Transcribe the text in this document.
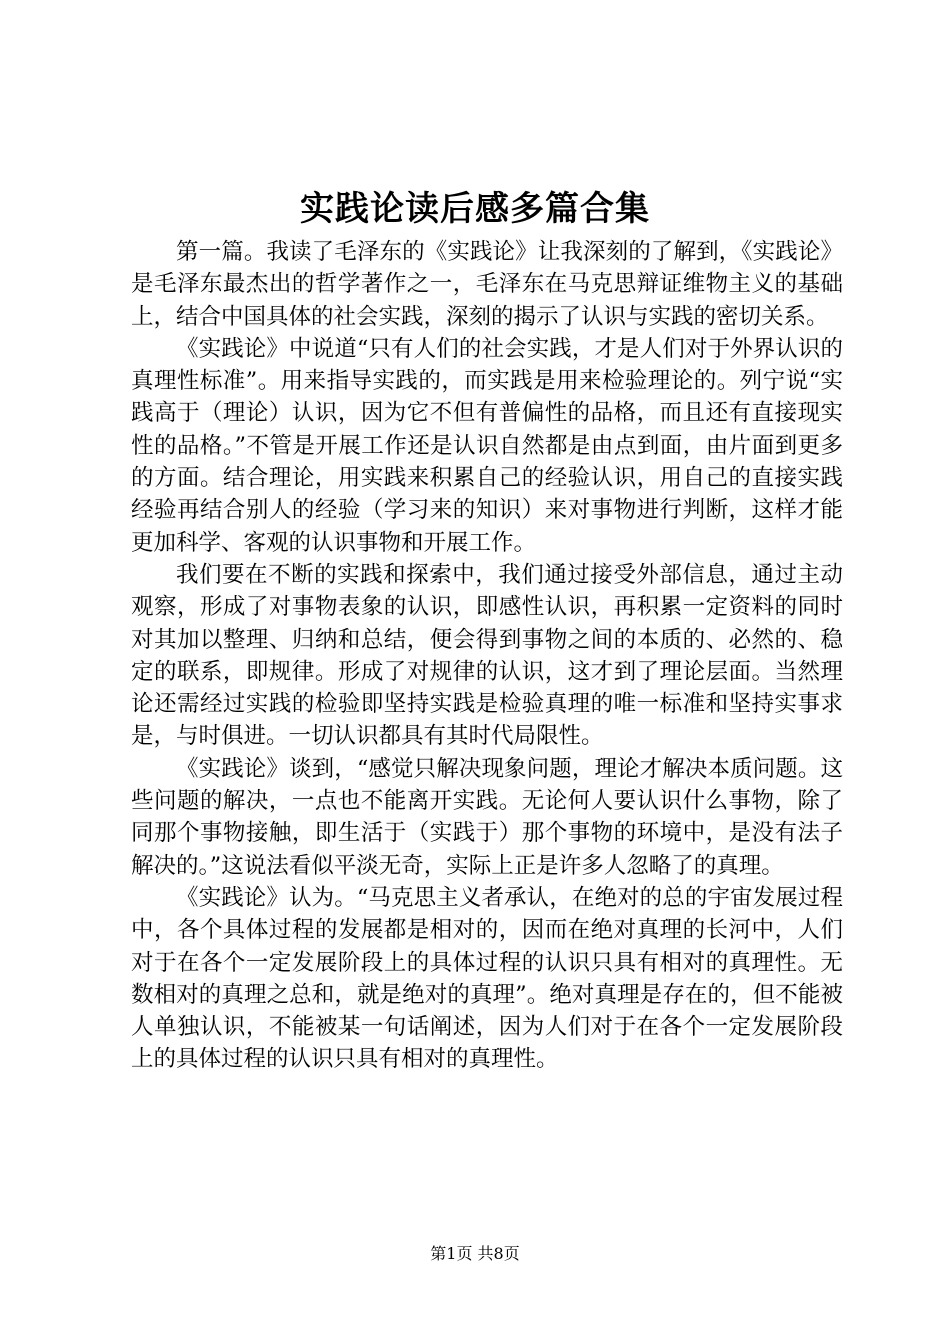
实践论读后感多篇合集

第一篇。我读了毛泽东的《实践论》让我深刻的了解到，《实践论》是毛泽东最杰出的哲学著作之一，毛泽东在马克思辩证维物主义的基础上，结合中国具体的社会实践，深刻的揭示了认识与实践的密切关系。

《实践论》中说道“只有人们的社会实践，才是人们对于外界认识的真理性标准”。用来指导实践的，而实践是用来检验理论的。列宁说“实践高于（理论）认识，因为它不但有普偏性的品格，而且还有直接现实性的品格。”不管是开展工作还是认识自然都是由点到面，由片面到更多的方面。结合理论，用实践来积累自己的经验认识，用自己的直接实践经验再结合别人的经验（学习来的知识）来对事物进行判断，这样才能更加科学、客观的认识事物和开展工作。

我们要在不断的实践和探索中，我们通过接受外部信息，通过主动观察，形成了对事物表象的认识，即感性认识，再积累一定资料的同时对其加以整理、归纳和总结，便会得到事物之间的本质的、必然的、稳定的联系，即规律。形成了对规律的认识，这才到了理论层面。当然理论还需经过实践的检验即坚持实践是检验真理的唯一标准和坚持实事求是，与时俱进。一切认识都具有其时代局限性。

《实践论》谈到，“感觉只解决现象问题，理论才解决本质问题。这些问题的解决，一点也不能离开实践。无论何人要认识什么事物，除了同那个事物接触，即生活于（实践于）那个事物的环境中，是没有法子解决的。”这说法看似平淡无奇，实际上正是许多人忽略了的真理。

《实践论》认为。“马克思主义者承认，在绝对的总的宇宙发展过程中，各个具体过程的发展都是相对的，因而在绝对真理的长河中，人们对于在各个一定发展阶段上的具体过程的认识只具有相对的真理性。无数相对的真理之总和，就是绝对的真理”。绝对真理是存在的，但不能被人单独认识，不能被某一句话阐述，因为人们对于在各个一定发展阶段上的具体过程的认识只具有相对的真理性。

第1页 共8页
